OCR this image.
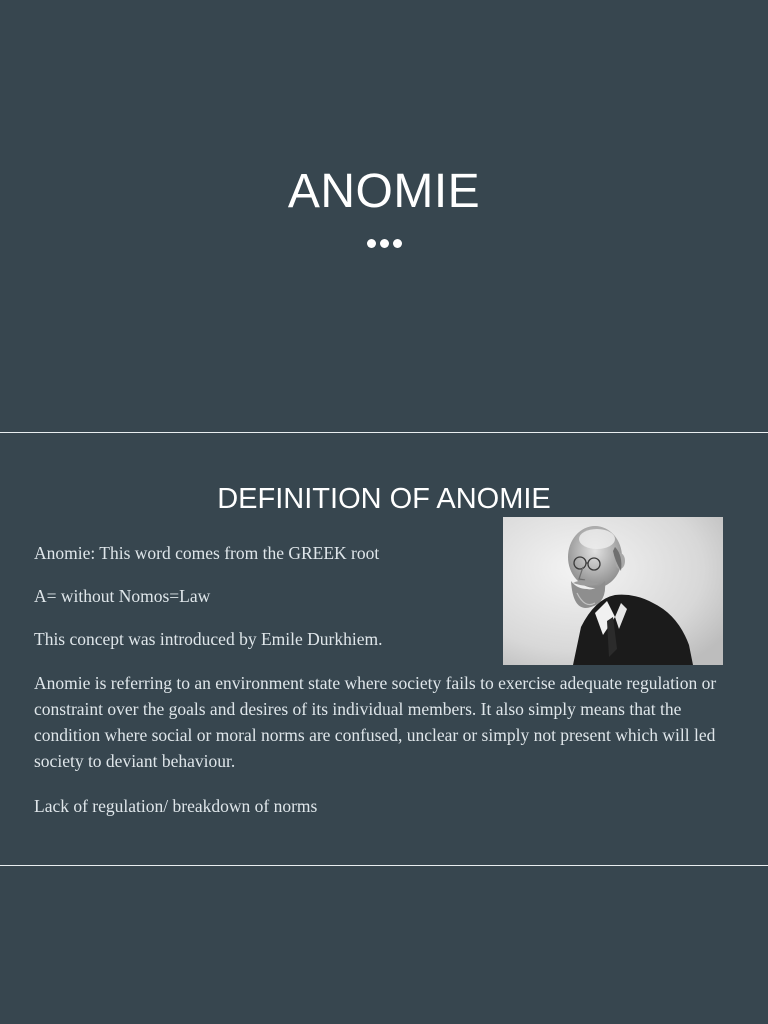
ANOMIE

DEFINITION OF ANOMIE
Anomie: This word comes from the GREEK root
A= without Nomos=Law
This concept was introduced by Emile Durkhiem.
Anomie is referring to an environment state where society fails to exercise adequate regulation or constraint over the goals and desires of its individual members. It also simply means that the condition where social or moral norms are confused, unclear or simply not present which will led society to deviant behaviour.
Lack of regulation/ breakdown of norms
